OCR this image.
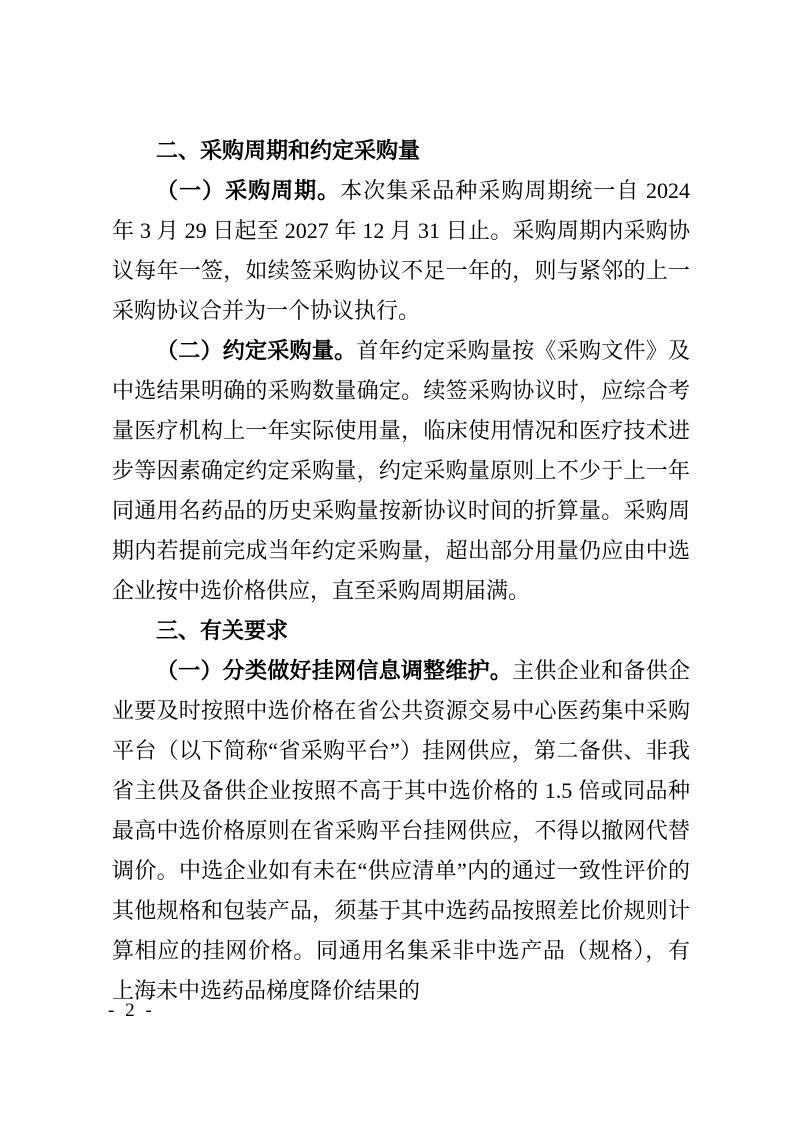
二、采购周期和约定采购量

（一）采购周期。本次集采品种采购周期统一自 2024 年 3 月 29 日起至 2027 年 12 月 31 日止。采购周期内采购协议每年一签，如续签采购协议不足一年的，则与紧邻的上一采购协议合并为一个协议执行。

（二）约定采购量。首年约定采购量按《采购文件》及中选结果明确的采购数量确定。续签采购协议时，应综合考量医疗机构上一年实际使用量，临床使用情况和医疗技术进步等因素确定约定采购量，约定采购量原则上不少于上一年同通用名药品的历史采购量按新协议时间的折算量。采购周期内若提前完成当年约定采购量，超出部分用量仍应由中选企业按中选价格供应，直至采购周期届满。

三、有关要求

（一）分类做好挂网信息调整维护。主供企业和备供企业要及时按照中选价格在省公共资源交易中心医药集中采购平台（以下简称“省采购平台”）挂网供应，第二备供、非我省主供及备供企业按照不高于其中选价格的 1.5 倍或同品种最高中选价格原则在省采购平台挂网供应，不得以撤网代替调价。中选企业如有未在“供应清单”内的通过一致性评价的其他规格和包装产品，须基于其中选药品按照差比价规则计算相应的挂网价格。同通用名集采非中选产品（规格），有上海未中选药品梯度降价结果的

- 2 -
